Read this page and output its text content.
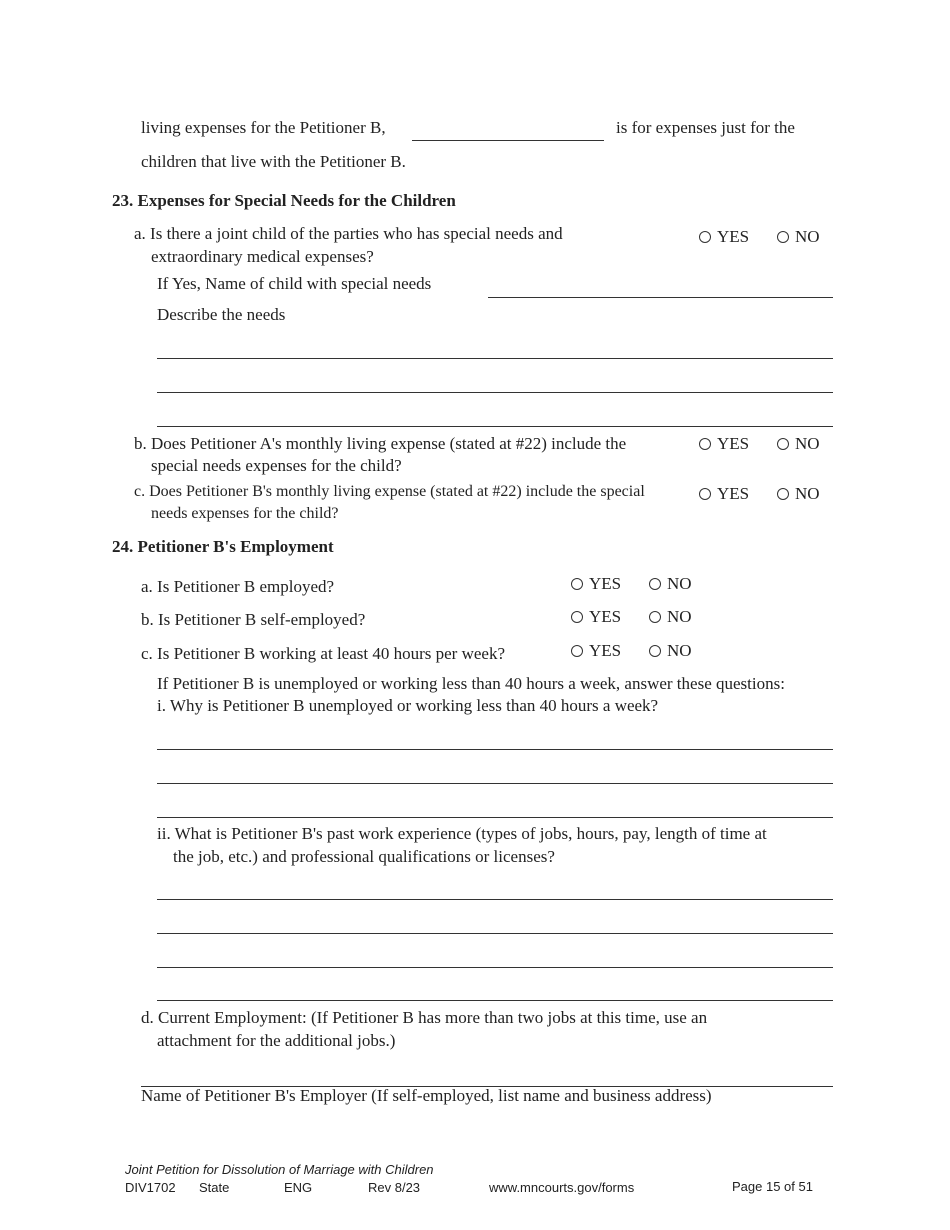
living expenses for the Petitioner B,	is for expenses just for the
children that live with the Petitioner B.
23. Expenses for Special Needs for the Children
a. Is there a joint child of the parties who has special needs and
extraordinary medical expenses?
YES	NO
If Yes, Name of child with special needs
Describe the needs
b. Does Petitioner A's monthly living expense (stated at #22) include the
special needs expenses for the child?
YES	NO
c. Does Petitioner B's monthly living expense (stated at #22) include the special
needs expenses for the child?
YES	NO
24. Petitioner B's Employment
a. Is Petitioner B employed?	YES	NO
b. Is Petitioner B self-employed?	YES	NO
c. Is Petitioner B working at least 40 hours per week?	YES	NO
If Petitioner B is unemployed or working less than 40 hours a week, answer these questions:
i. Why is Petitioner B unemployed or working less than 40 hours a week?
ii. What is Petitioner B's past work experience (types of jobs, hours, pay, length of time at
the job, etc.) and professional qualifications or licenses?
d. Current Employment: (If Petitioner B has more than two jobs at this time, use an
attachment for the additional jobs.)
Name of Petitioner B's Employer (If self-employed, list name and business address)
Joint Petition for Dissolution of Marriage with Children
DIV1702 State	ENG	Rev 8/23	www.mncourts.gov/forms	Page 15 of 51
